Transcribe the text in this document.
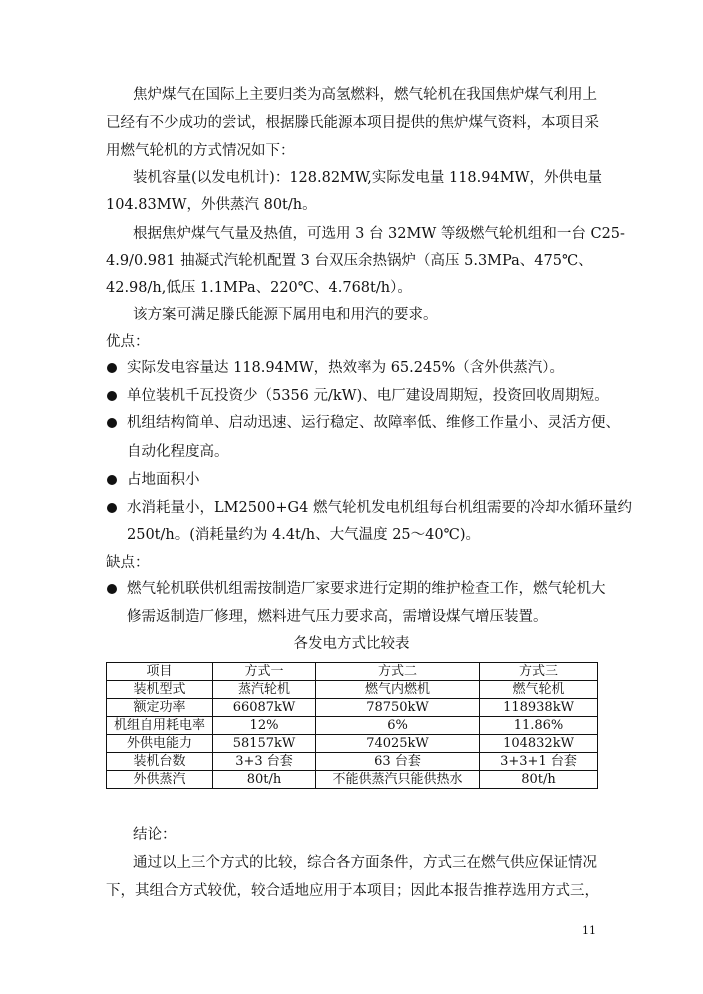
焦炉煤气在国际上主要归类为高氢燃料，燃气轮机在我国焦炉煤气利用上
已经有不少成功的尝试，根据滕氏能源本项目提供的焦炉煤气资料，本项目采
用燃气轮机的方式情况如下：
装机容量(以发电机计)：128.82MW,实际发电量 118.94MW，外供电量
104.83MW，外供蒸汽 80t/h。
根据焦炉煤气气量及热值，可选用 3 台 32MW 等级燃气轮机组和一台 C25-
4.9/0.981 抽凝式汽轮机配置 3 台双压余热锅炉（高压 5.3MPa、475℃、
42.98/h,低压 1.1MPa、220℃、4.768t/h）。
该方案可满足滕氏能源下属用电和用汽的要求。
优点：
实际发电容量达 118.94MW，热效率为 65.245%（含外供蒸汽）。
单位装机千瓦投资少（5356 元/kW)、电厂建设周期短，投资回收周期短。
机组结构简单、启动迅速、运行稳定、故障率低、维修工作量小、灵活方便、
自动化程度高。
占地面积小
水消耗量小，LM2500+G4 燃气轮机发电机组每台机组需要的冷却水循环量约
250t/h。(消耗量约为 4.4t/h、大气温度 25～40℃)。
缺点：
燃气轮机联供机组需按制造厂家要求进行定期的维护检查工作，燃气轮机大
修需返制造厂修理，燃料进气压力要求高，需增设煤气增压装置。
各发电方式比较表
项目	方式一	方式二	方式三
装机型式	蒸汽轮机	燃气内燃机	燃气轮机
额定功率	66087kW	78750kW	118938kW
机组自用耗电率	12%	6%	11.86%
外供电能力	58157kW	74025kW	104832kW
装机台数	3+3 台套	63 台套	3+3+1 台套
外供蒸汽	80t/h	不能供蒸汽只能供热水	80t/h
结论：
通过以上三个方式的比较，综合各方面条件，方式三在燃气供应保证情况
下，其组合方式较优，较合适地应用于本项目；因此本报告推荐选用方式三，
11
